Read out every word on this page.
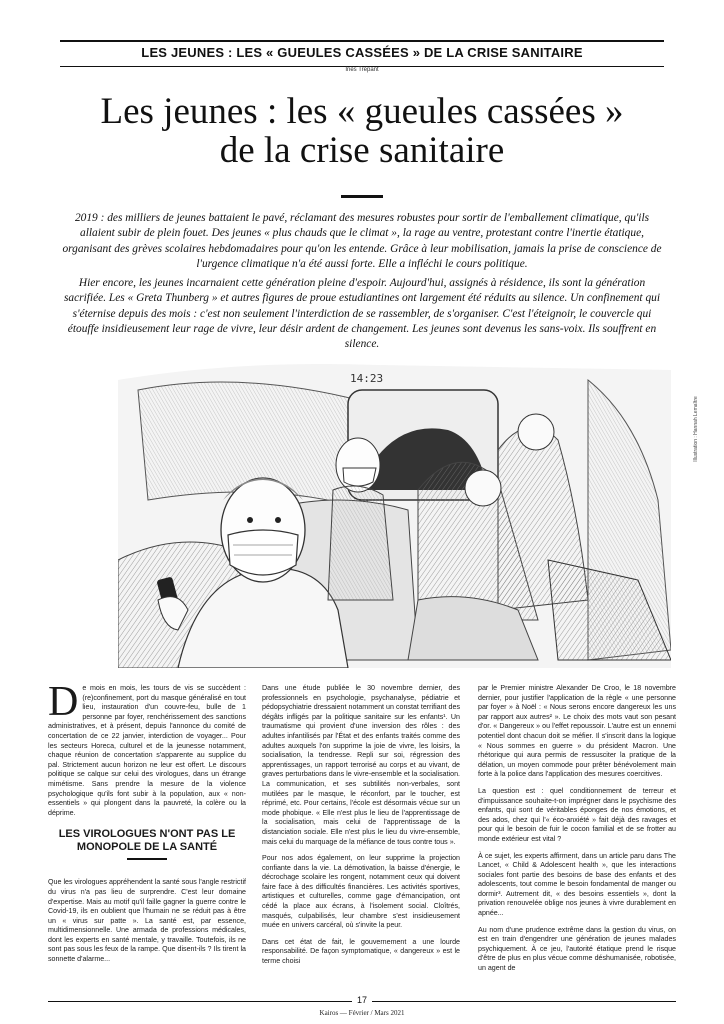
LES JEUNES : LES « GUEULES CASSÉES » DE LA CRISE SANITAIRE
Inès Trépant
Les jeunes : les « gueules cassées »
de la crise sanitaire

2019 : des milliers de jeunes battaient le pavé, réclamant des mesures robustes pour sortir de l'emballement climatique, qu'ils allaient subir de plein fouet. Des jeunes « plus chauds que le climat », la rage au ventre, protestant contre l'inertie étatique, organisant des grèves scolaires hebdomadaires pour qu'on les entende. Grâce à leur mobilisation, jamais la prise de conscience de l'urgence climatique n'a été aussi forte. Elle a infléchi le cours politique.

Hier encore, les jeunes incarnaient cette génération pleine d'espoir. Aujourd'hui, assignés à résidence, ils sont la génération sacrifiée. Les « Greta Thunberg » et autres figures de proue estudiantines ont largement été réduits au silence. Un confinement qui s'éternise depuis des mois : c'est non seulement l'interdiction de se rassembler, de s'organiser. C'est l'éteignoir, le couvercle qui étouffe insidieusement leur rage de vivre, leur désir ardent de changement. Les jeunes sont devenus les sans-voix. Ils souffrent en silence.

14:23
Illustration : Hannah Lemaître

De mois en mois, les tours de vis se succèdent : (re)confinement, port du masque généralisé en tout lieu, instauration d'un couvre-feu, bulle de 1 personne par foyer, renchérissement des sanctions administratives, et à présent, depuis l'annonce du comité de concertation de ce 22 janvier, interdiction de voyager... Pour les secteurs Horeca, culturel et de la jeunesse notamment, chaque réunion de concertation s'apparente au supplice du pal. Strictement aucun horizon ne leur est offert. Le discours politique se calque sur celui des virologues, dans un étrange mimétisme. Sans prendre la mesure de la violence psychologique qu'ils font subir à la population, aux « non-essentiels » qui plongent dans la pauvreté, la colère ou la déprime.

LES VIROLOGUES N'ONT PAS LE MONOPOLE DE LA SANTÉ

Que les virologues appréhendent la santé sous l'angle restrictif du virus n'a pas lieu de surprendre. C'est leur domaine d'expertise. Mais au motif qu'il faille gagner la guerre contre le Covid-19, ils en oublient que l'humain ne se réduit pas à être un « virus sur patte ». La santé est, par essence, multidimensionnelle. Une armada de professions médicales, dont les experts en santé mentale, y travaille. Toutefois, ils ne sont pas sous les feux de la rampe. Que disent-ils ? Ils tirent la sonnette d'alarme...

Dans une étude publiée le 30 novembre dernier, des professionnels en psychologie, psychanalyse, pédiatrie et pédopsychiatrie dressaient notamment un constat terrifiant des dégâts infligés par la politique sanitaire sur les enfants¹. Un traumatisme qui provient d'une inversion des rôles : des adultes infantilisés par l'État et des enfants traités comme des adultes auxquels l'on supprime la joie de vivre, les loisirs, la socialisation, la tendresse. Repli sur soi, régression des apprentissages, un rapport terrorisé au corps et au vivant, de graves perturbations dans le vivre-ensemble et la socialisation. La communication, et ses subtilités non-verbales, sont mutilées par le masque, le réconfort, par le toucher, est réprimé, etc. Pour certains, l'école est désormais vécue sur un mode phobique. « Elle n'est plus le lieu de l'apprentissage de la socialisation, mais celui de l'apprentissage de la distanciation sociale. Elle n'est plus le lieu du vivre-ensemble, mais celui du marquage de la méfiance de tous contre tous ».

Pour nos ados également, on leur supprime la projection confiante dans la vie. La démotivation, la baisse d'énergie, le décrochage scolaire les rongent, notamment ceux qui doivent faire face à des difficultés financières. Les activités sportives, artistiques et culturelles, comme gage d'émancipation, ont cédé la place aux écrans, à l'isolement social. Cloîtrés, masqués, culpabilisés, leur chambre s'est insidieusement muée en univers carcéral, où s'invite la peur.

Dans cet état de fait, le gouvernement a une lourde responsabilité. De façon symptomatique, « dangereux » est le terme choisi

par le Premier ministre Alexander De Croo, le 18 novembre dernier, pour justifier l'application de la règle « une personne par foyer » à Noël : « Nous serons encore dangereux les uns par rapport aux autres² ». Le choix des mots vaut son pesant d'or. « Dangereux » ou l'effet repoussoir. L'autre est un ennemi potentiel dont chacun doit se méfier. Il s'inscrit dans la logique « Nous sommes en guerre » du président Macron. Une rhétorique qui aura permis de ressusciter la pratique de la délation, un moyen commode pour prêter bénévolement main forte à la police dans l'application des mesures coercitives.

La question est : quel conditionnement de terreur et d'impuissance souhaite-t-on imprégner dans le psychisme des enfants, qui sont de véritables éponges de nos émotions, et des ados, chez qui l'« éco-anxiété » fait déjà des ravages et pour qui le besoin de fuir le cocon familial et de se frotter au monde extérieur est vital ?

À ce sujet, les experts affirment, dans un article paru dans The Lancet, « Child & Adolescent health », que les interactions sociales font partie des besoins de base des enfants et des adolescents, tout comme le besoin fondamental de manger ou dormir³. Autrement dit, « des besoins essentiels », dont la privation renouvelée oblige nos jeunes à vivre durablement en apnée...

Au nom d'une prudence extrême dans la gestion du virus, on est en train d'engendrer une génération de jeunes malades psychiquement. À ce jeu, l'autorité étatique prend le risque d'être de plus en plus vécue comme déshumanisée, robotisée, un agent de

17
Kairos — Février / Mars 2021
